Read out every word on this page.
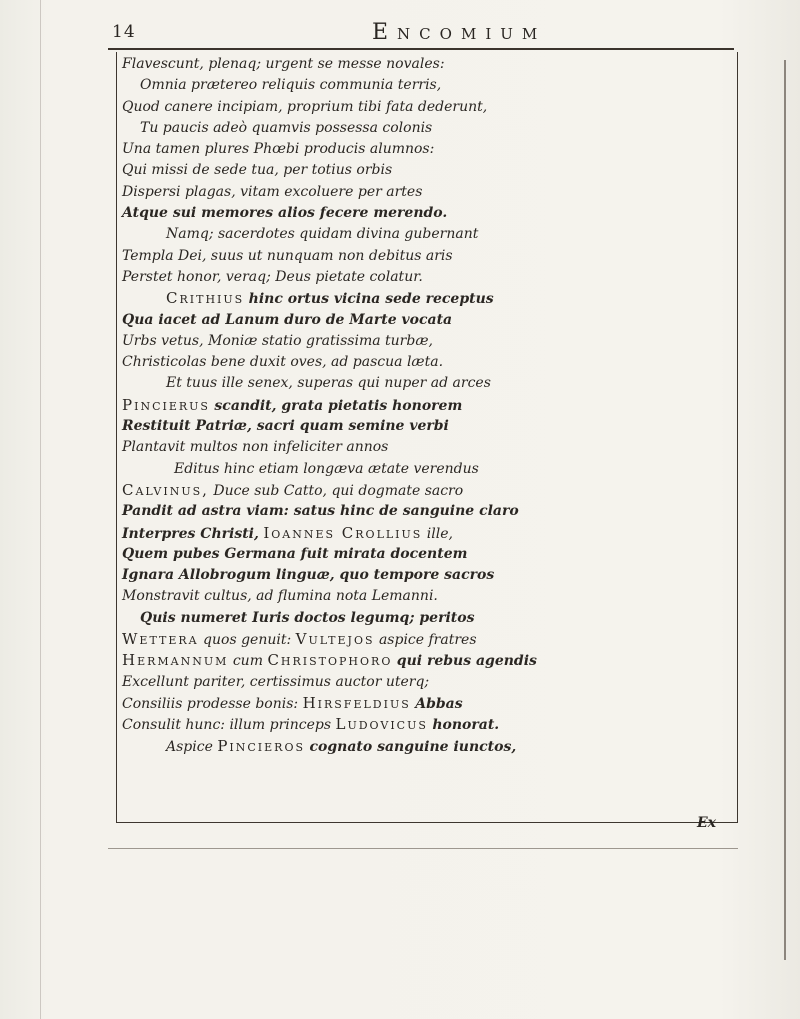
14	Encomium
Flavescunt, plenaq; urgent se messe novales:
Omnia prætereo reliquis communia terris,
Quod canere incipiam, proprium tibi fata dederunt,
Tu paucis adeò quamvis possessa colonis
Una tamen plures Phœbi producis alumnos:
Qui missi de sede tua, per totius orbis
Dispersi plagas, vitam excoluere per artes
Atque sui memores alios fecere merendo.
Namq; sacerdotes quidam divina gubernant
Templa Dei, suus ut nunquam non debitus aris
Perstet honor, veraq; Deus pietate colatur.
Crithius hinc ortus vicina sede receptus
Qua iacet ad Lanum duro de Marte vocata
Urbs vetus, Moniæ statio gratissima turbæ,
Christicolas bene duxit oves, ad pascua læta.
Et tuus ille senex, superas qui nuper ad arces
Pincierus scandit, grata pietatis honorem
Restituit Patriæ, sacri quam semine verbi
Plantavit multos non infeliciter annos
Editus hinc etiam longæva ætate verendus
Calvinus, Duce sub Catto, qui dogmate sacro
Pandit ad astra viam: satus hinc de sanguine claro
Interpres Christi, Ioannes Crollius ille,
Quem pubes Germana fuit mirata docentem
Ignara Allobrogum linguæ, quo tempore sacros
Monstravit cultus, ad flumina nota Lemanni.
Quis numeret Iuris doctos legumq; peritos
Wettera quos genuit: Vultejos aspice fratres
Hermannum cum Christophoro qui rebus agendis
Excellunt pariter, certissimus auctor uterq;
Consiliis prodesse bonis: Hirsfeldius Abbas
Consulit hunc: illum princeps Ludovicus honorat.
Aspice Pincieros cognato sanguine iunctos,
Ex
